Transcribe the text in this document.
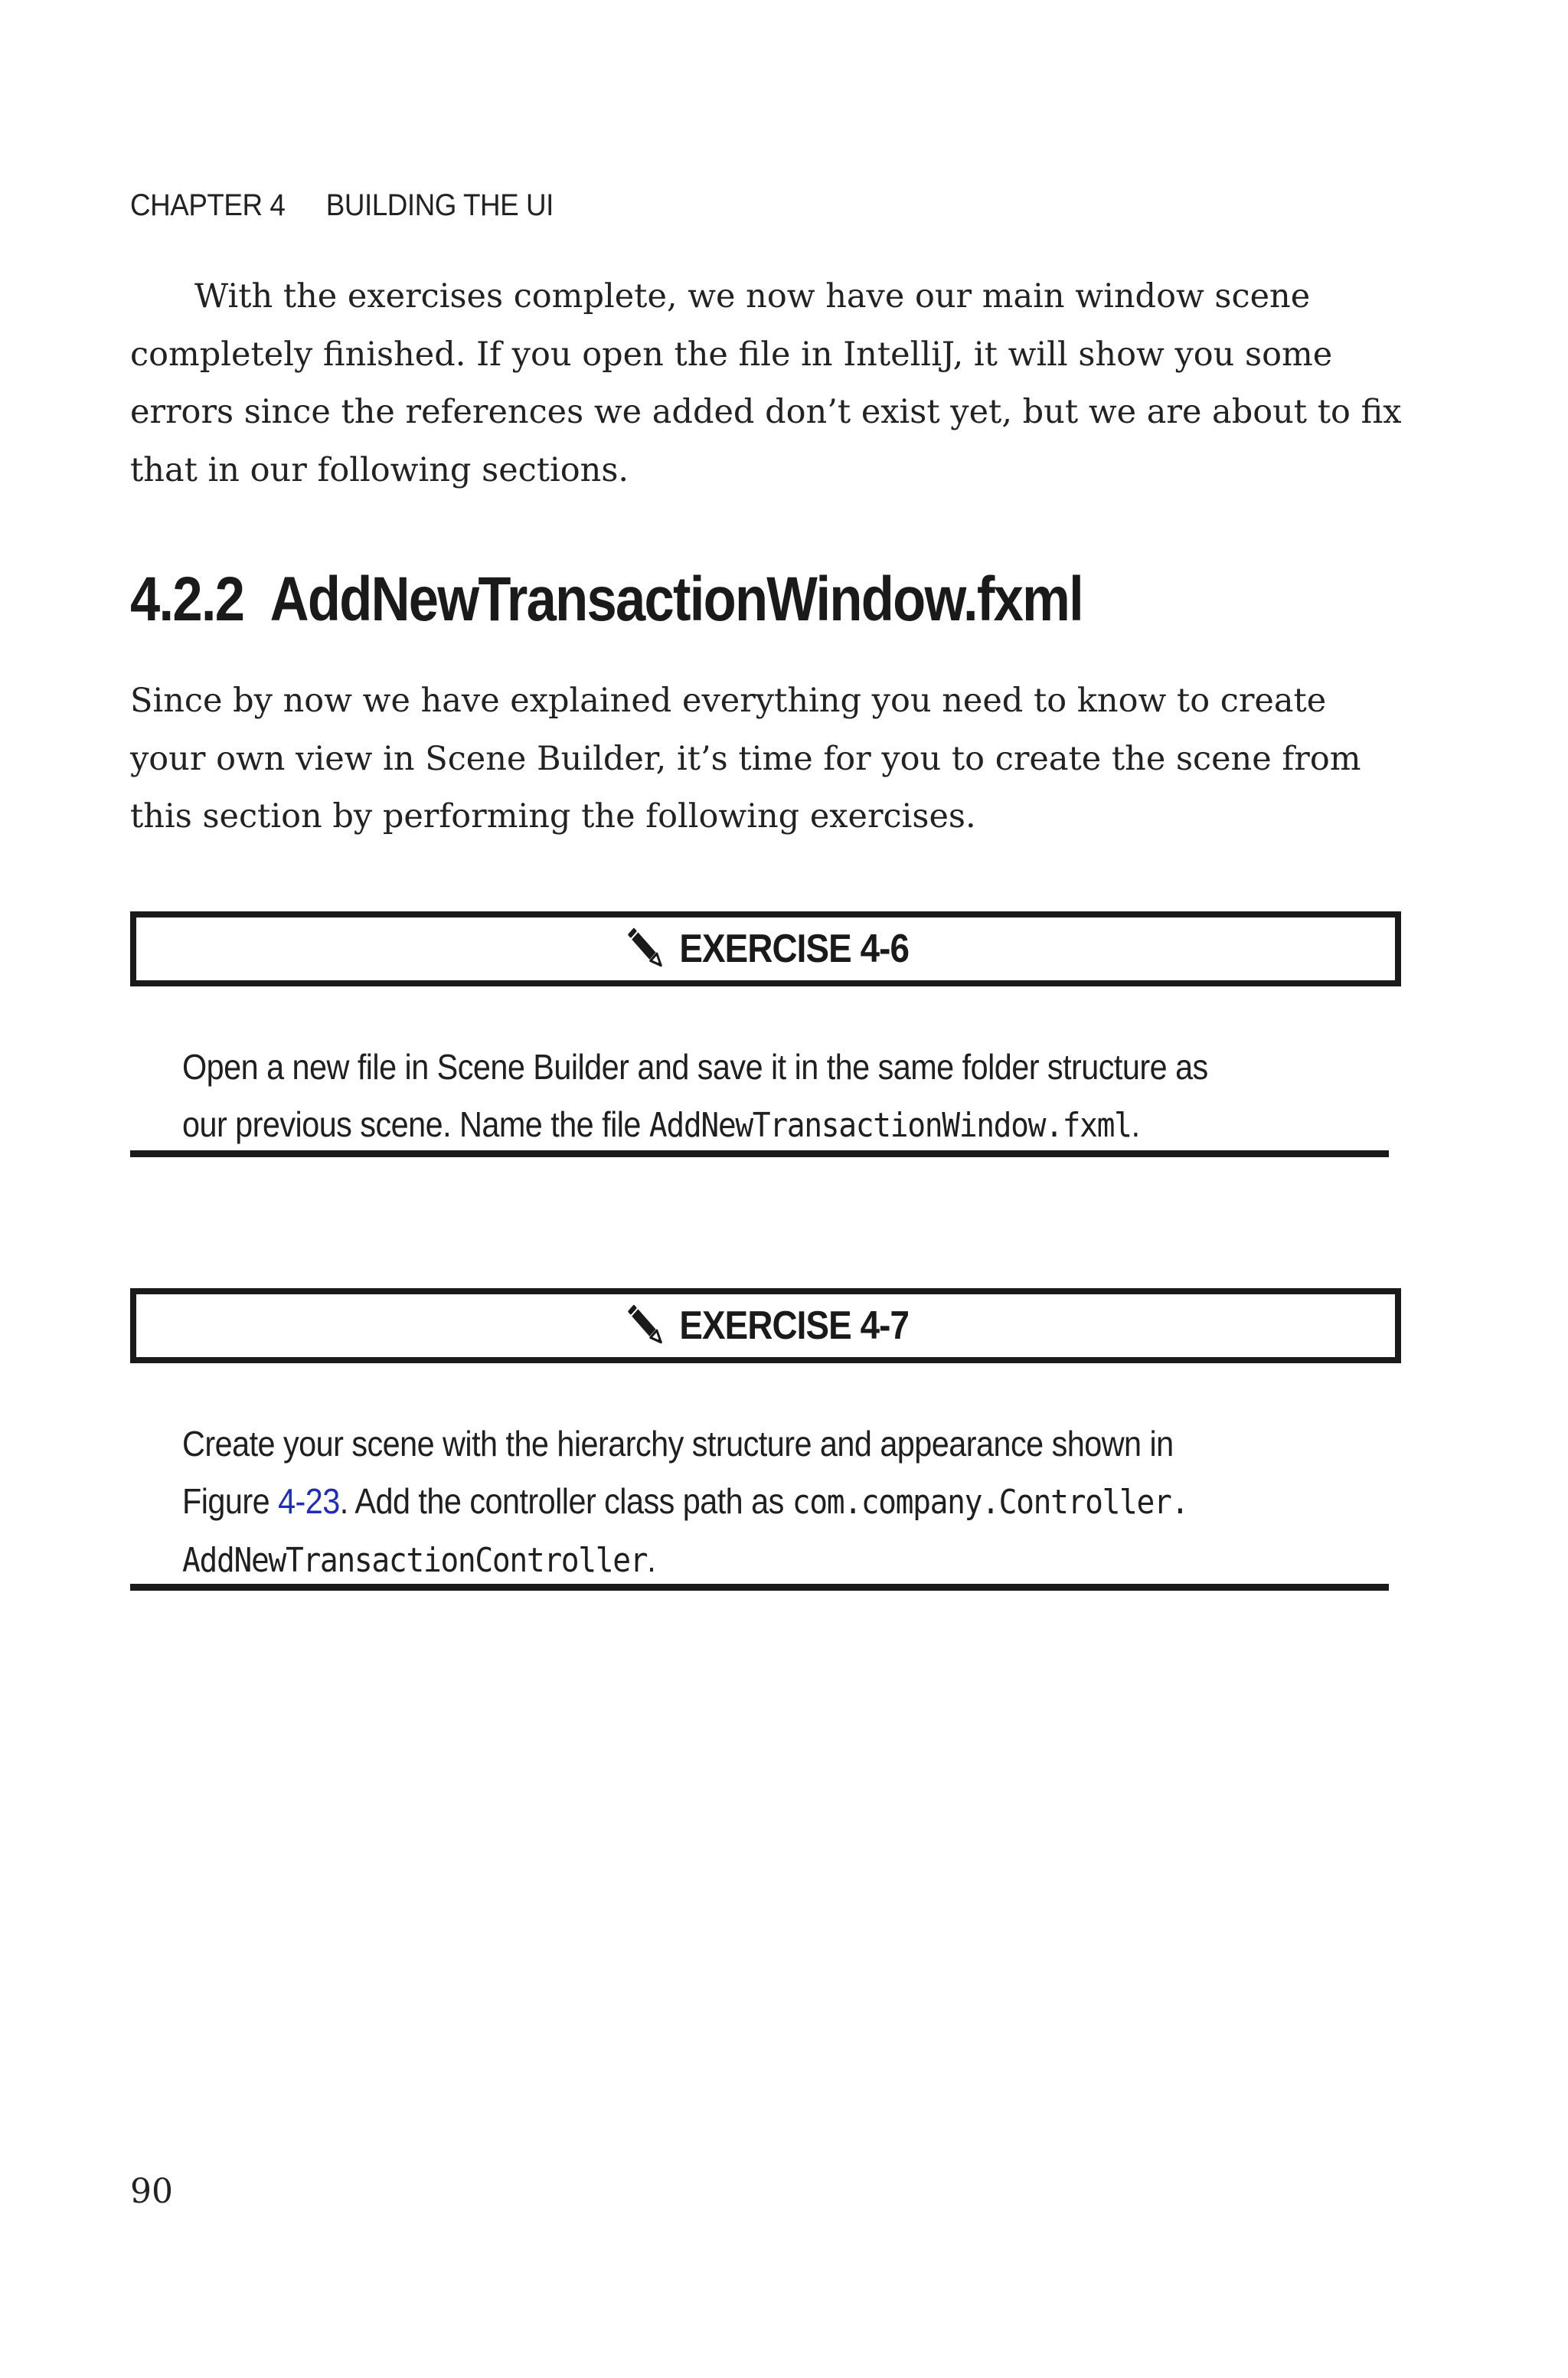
CHAPTER 4 BUILDING THE UI

With the exercises complete, we now have our main window scene
completely finished. If you open the file in IntelliJ, it will show you some
errors since the references we added don’t exist yet, but we are about to fix
that in our following sections.

4.2.2 AddNewTransactionWindow.fxml

Since by now we have explained everything you need to know to create
your own view in Scene Builder, it’s time for you to create the scene from
this section by performing the following exercises.

EXERCISE 4-6
Open a new file in Scene Builder and save it in the same folder structure as
our previous scene. Name the file AddNewTransactionWindow.fxml.
EXERCISE 4-7
Create your scene with the hierarchy structure and appearance shown in
Figure 4-23. Add the controller class path as com.company.Controller.
AddNewTransactionController.
90
